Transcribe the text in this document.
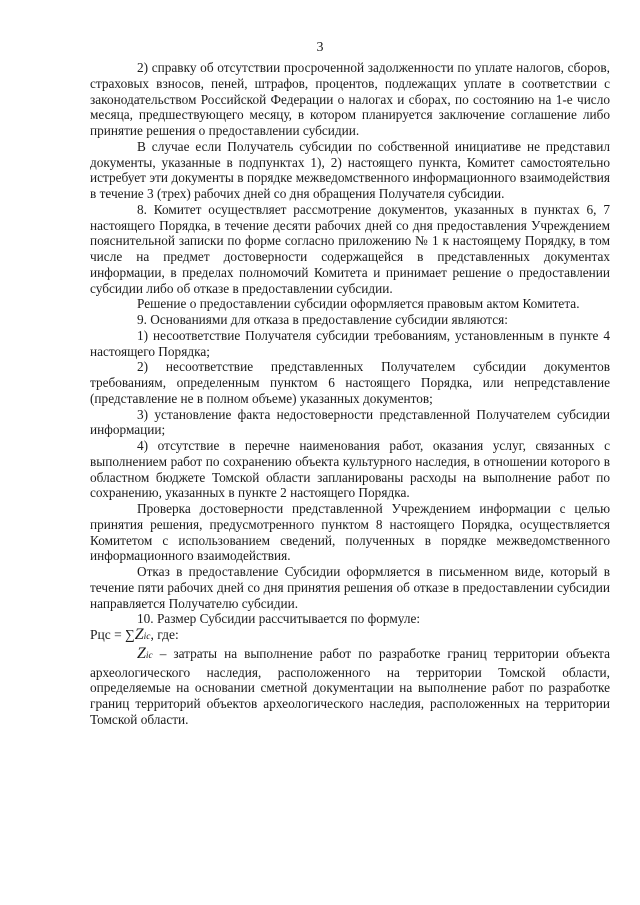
3

2) справку об отсутствии просроченной задолженности по уплате налогов, сборов, страховых взносов, пеней, штрафов, процентов, подлежащих уплате в соответствии с законодательством Российской Федерации о налогах и сборах, по состоянию на 1-е число месяца, предшествующего месяцу, в котором планируется заключение соглашение либо принятие решения о предоставлении субсидии.

В случае если Получатель субсидии по собственной инициативе не представил документы, указанные в подпунктах 1), 2) настоящего пункта, Комитет самостоятельно истребует эти документы в порядке межведомственного информационного взаимодействия в течение 3 (трех) рабочих дней со дня обращения Получателя субсидии.

8. Комитет осуществляет рассмотрение документов, указанных в пунктах 6, 7 настоящего Порядка, в течение десяти рабочих дней со дня предоставления Учреждением пояснительной записки по форме согласно приложению № 1 к настоящему Порядку, в том числе на предмет достоверности содержащейся в представленных документах информации, в пределах полномочий Комитета и принимает решение о предоставлении субсидии либо об отказе в предоставлении субсидии.

Решение о предоставлении субсидии оформляется правовым актом Комитета.

9. Основаниями для отказа в предоставление субсидии являются:

1) несоответствие Получателя субсидии требованиям, установленным в пункте 4 настоящего Порядка;

2) несоответствие представленных Получателем субсидии документов требованиям, определенным пунктом 6 настоящего Порядка, или непредставление (представление не в полном объеме) указанных документов;

3) установление факта недостоверности представленной Получателем субсидии информации;

4) отсутствие в перечне наименования работ, оказания услуг, связанных с выполнением работ по сохранению объекта культурного наследия, в отношении которого в областном бюджете Томской области запланированы расходы на выполнение работ по сохранению, указанных в пункте 2 настоящего Порядка.

Проверка достоверности представленной Учреждением информации с целью принятия решения, предусмотренного пунктом 8 настоящего Порядка, осуществляется Комитетом с использованием сведений, полученных в порядке межведомственного информационного взаимодействия.

Отказ в предоставление Субсидии оформляется в письменном виде, который в течение пяти рабочих дней со дня принятия решения об отказе в предоставлении субсидии направляется Получателю субсидии.

10. Размер Субсидии рассчитывается по формуле:

Рцс = ∑Zic, где:

Zic – затраты на выполнение работ по разработке границ территории объекта археологического наследия, расположенного на территории Томской области, определяемые на основании сметной документации на выполнение работ по разработке границ территорий объектов археологического наследия, расположенных на территории Томской области.
